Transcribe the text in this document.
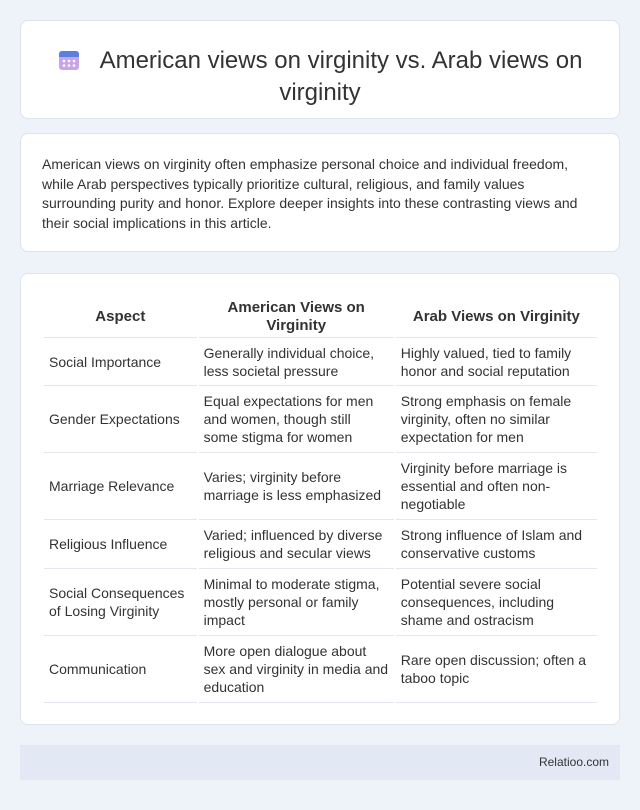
American views on virginity vs. Arab views on virginity

American views on virginity often emphasize personal choice and individual freedom, while Arab perspectives typically prioritize cultural, religious, and family values surrounding purity and honor. Explore deeper insights into these contrasting views and their social implications in this article.

Aspect	American Views on Virginity	Arab Views on Virginity
Social Importance	Generally individual choice, less societal pressure	Highly valued, tied to family honor and social reputation
Gender Expectations	Equal expectations for men and women, though still some stigma for women	Strong emphasis on female virginity, often no similar expectation for men
Marriage Relevance	Varies; virginity before marriage is less emphasized	Virginity before marriage is essential and often non-negotiable
Religious Influence	Varied; influenced by diverse religious and secular views	Strong influence of Islam and conservative customs
Social Consequences of Losing Virginity	Minimal to moderate stigma, mostly personal or family impact	Potential severe social consequences, including shame and ostracism
Communication	More open dialogue about sex and virginity in media and education	Rare open discussion; often a taboo topic
Relatioo.com
